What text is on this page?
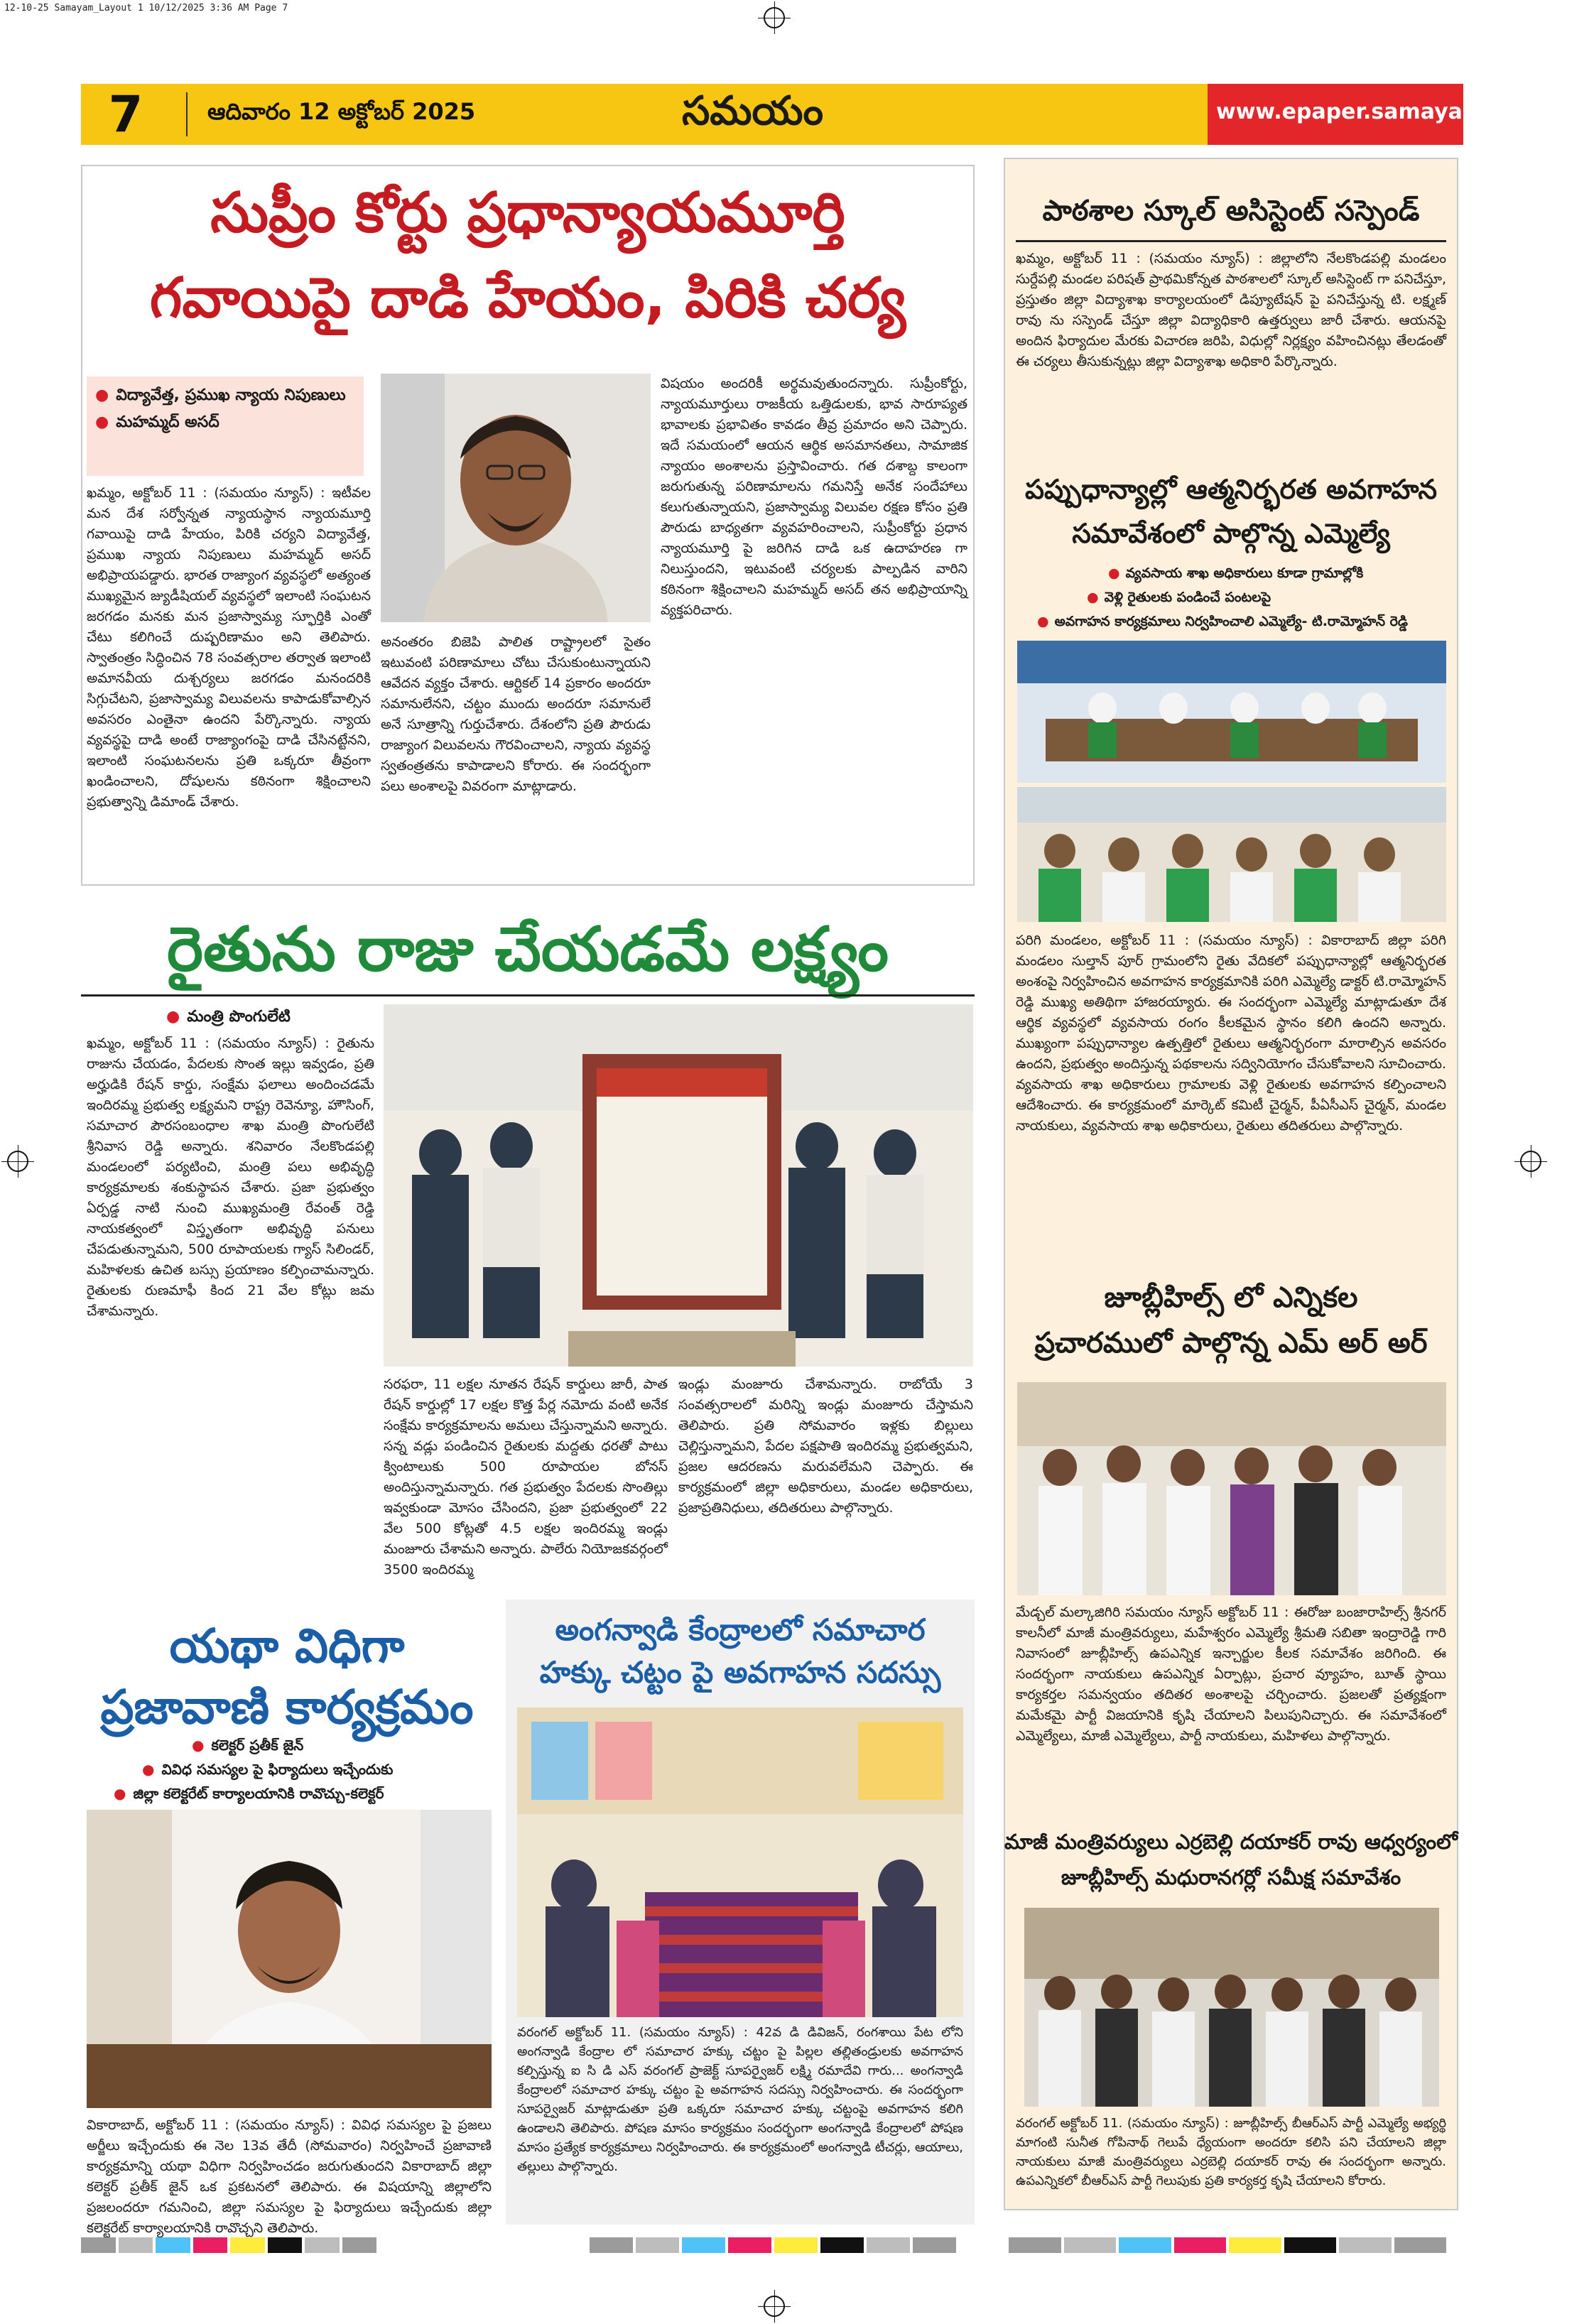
12-10-25 Samayam_Layout 1 10/12/2025 3:36 AM Page 7
7	ఆదివారం 12 అక్టోబర్ 2025	సమయం	www.epaper.samayamdaily.net
సుప్రీం కోర్టు ప్రధాన్యాయమూర్తి
గవాయిపై దాడి హేయం, పిరికి చర్య
● విద్యావేత్త, ప్రముఖ న్యాయ నిపుణులు
● మహమ్మద్ అసద్
ఖమ్మం, అక్టోబర్ 11 : (సమయం న్యూస్) : ఇటీవల మన దేశ సర్వోన్నత న్యాయస్థాన న్యాయమూర్తి గవాయిపై దాడి హేయం, పిరికి చర్యని విద్యావేత్త, ప్రముఖ న్యాయ నిపుణులు మహమ్మద్ అసద్ అభిప్రాయపడ్డారు. భారత రాజ్యాంగ వ్యవస్థలో అత్యంత ముఖ్యమైన జ్యుడీషియల్ వ్యవస్థలో ఇలాంటి సంఘటన జరగడం మనకు మన ప్రజాస్వామ్య స్ఫూర్తికి ఎంతో చేటు కలిగించే దుష్పరిణామం అని తెలిపారు. స్వాతంత్రం సిద్ధించిన 78 సంవత్సరాల తర్వాత ఇలాంటి అమానవీయ దుశ్చర్యలు జరగడం మనందరికి సిగ్గుచేటని, ప్రజాస్వామ్య విలువలను కాపాడుకోవాల్సిన అవసరం ఎంతైనా ఉందని పేర్కొన్నారు. న్యాయ వ్యవస్థపై దాడి అంటే రాజ్యాంగంపై దాడి చేసినట్టేనని, ఇలాంటి సంఘటనలను ప్రతి ఒక్కరూ తీవ్రంగా ఖండించాలని, దోషులను కఠినంగా శిక్షించాలని ప్రభుత్వాన్ని డిమాండ్ చేశారు.
అనంతరం బిజెపి పాలిత రాష్ట్రాలలో సైతం ఇటువంటి పరిణామాలు చోటు చేసుకుంటున్నాయని ఆవేదన వ్యక్తం చేశారు. ఆర్టికల్ 14 ప్రకారం అందరూ సమానులేనని, చట్టం ముందు అందరూ సమానులే అనే సూత్రాన్ని గుర్తుచేశారు. దేశంలోని ప్రతి పౌరుడు రాజ్యాంగ విలువలను గౌరవించాలని, న్యాయ వ్యవస్థ స్వతంత్రతను కాపాడాలని కోరారు. ఈ సందర్భంగా పలు అంశాలపై వివరంగా మాట్లాడారు.
విషయం అందరికీ అర్థమవుతుందన్నారు. సుప్రీంకోర్టు, న్యాయమూర్తులు రాజకీయ ఒత్తిడులకు, భావ సారూప్యత భావాలకు ప్రభావితం కావడం తీవ్ర ప్రమాదం అని చెప్పారు. ఇదే సమయంలో ఆయన ఆర్థిక అసమానతలు, సామాజిక న్యాయం అంశాలను ప్రస్తావించారు. గత దశాబ్ద కాలంగా జరుగుతున్న పరిణామాలను గమనిస్తే అనేక సందేహాలు కలుగుతున్నాయని, ప్రజాస్వామ్య విలువల రక్షణ కోసం ప్రతి పౌరుడు బాధ్యతగా వ్యవహరించాలని, సుప్రీంకోర్టు ప్రధాన న్యాయమూర్తి పై జరిగిన దాడి ఒక ఉదాహరణ గా నిలుస్తుందని, ఇటువంటి చర్యలకు పాల్పడిన వారిని కఠినంగా శిక్షించాలని మహమ్మద్ అసద్ తన అభిప్రాయాన్ని వ్యక్తపరిచారు.
రైతును రాజు చేయడమే లక్ష్యం
● మంత్రి పొంగులేటి
ఖమ్మం, అక్టోబర్ 11 : (సమయం న్యూస్) : రైతును రాజును చేయడం, పేదలకు సొంత ఇల్లు ఇవ్వడం, ప్రతి అర్హుడికి రేషన్ కార్డు, సంక్షేమ ఫలాలు అందించడమే ఇందిరమ్మ ప్రభుత్వ లక్ష్యమని రాష్ట్ర రెవెన్యూ, హౌసింగ్, సమాచార పౌరసంబంధాల శాఖ మంత్రి పొంగులేటి శ్రీనివాస రెడ్డి అన్నారు. శనివారం నేలకొండపల్లి మండలంలో పర్యటించి, మంత్రి పలు అభివృద్ధి కార్యక్రమాలకు శంకుస్థాపన చేశారు. ప్రజా ప్రభుత్వం ఏర్పడ్డ నాటి నుంచి ముఖ్యమంత్రి రేవంత్ రెడ్డి నాయకత్వంలో విస్తృతంగా అభివృద్ధి పనులు చేపడుతున్నామని, 500 రూపాయలకు గ్యాస్ సిలిండర్, మహిళలకు ఉచిత బస్సు ప్రయాణం కల్పించామన్నారు. రైతులకు రుణమాఫీ కింద 21 వేల కోట్లు జమ చేశామన్నారు.
సరఫరా, 11 లక్షల నూతన రేషన్ కార్డులు జారీ, పాత రేషన్ కార్డుల్లో 17 లక్షల కొత్త పేర్ల నమోదు వంటి అనేక సంక్షేమ కార్యక్రమాలను అమలు చేస్తున్నామని అన్నారు. సన్న వడ్లు పండించిన రైతులకు మద్దతు ధరతో పాటు క్వింటాలుకు 500 రూపాయల బోనస్ అందిస్తున్నామన్నారు. గత ప్రభుత్వం పేదలకు సొంతిల్లు ఇవ్వకుండా మోసం చేసిందని, ప్రజా ప్రభుత్వంలో 22 వేల 500 కోట్లతో 4.5 లక్షల ఇందిరమ్మ ఇండ్లు మంజూరు చేశామని అన్నారు. పాలేరు నియోజకవర్గంలో 3500 ఇందిరమ్మ
ఇండ్లు మంజూరు చేశామన్నారు. రాబోయే 3 సంవత్సరాలలో మరిన్ని ఇండ్లు మంజూరు చేస్తామని తెలిపారు. ప్రతి సోమవారం ఇళ్లకు బిల్లులు చెల్లిస్తున్నామని, పేదల పక్షపాతి ఇందిరమ్మ ప్రభుత్వమని, ప్రజల ఆదరణను మరువలేమని చెప్పారు. ఈ కార్యక్రమంలో జిల్లా అధికారులు, మండల అధికారులు, ప్రజాప్రతినిధులు, తదితరులు పాల్గొన్నారు.
యథా విధిగా
ప్రజావాణి కార్యక్రమం
● కలెక్టర్ ప్రతీక్ జైన్
● వివిధ సమస్యల పై ఫిర్యాదులు ఇచ్చేందుకు
● జిల్లా కలెక్టరేట్ కార్యాలయానికి రావొచ్చు-కలెక్టర్
వికారాబాద్, అక్టోబర్ 11 : (సమయం న్యూస్) : వివిధ సమస్యల పై ప్రజలు అర్జీలు ఇచ్చేందుకు ఈ నెల 13వ తేదీ (సోమవారం) నిర్వహించే ప్రజావాణి కార్యక్రమాన్ని యథా విధిగా నిర్వహించడం జరుగుతుందని వికారాబాద్ జిల్లా కలెక్టర్ ప్రతీక్ జైన్ ఒక ప్రకటనలో తెలిపారు. ఈ విషయాన్ని జిల్లాలోని ప్రజలందరూ గమనించి, జిల్లా సమస్యల పై ఫిర్యాదులు ఇచ్చేందుకు జిల్లా కలెక్టరేట్ కార్యాలయానికి రావొచ్చని తెలిపారు.
అంగన్వాడి కేంద్రాలలో సమాచార
హక్కు చట్టం పై అవగాహన సదస్సు
వరంగల్ అక్టోబర్ 11. (సమయం న్యూస్) : 42వ డి డివిజన్, రంగశాయి పేట లోని అంగన్వాడి కేంద్రాల లో సమాచార హక్కు చట్టం పై పిల్లల తల్లితండ్రులకు అవగాహన కల్పిస్తున్న ఐ సి డి ఎస్ వరంగల్ ప్రాజెక్ట్ సూపర్వైజర్ లక్ష్మి రమాదేవి గారు... అంగన్వాడి కేంద్రాలలో సమాచార హక్కు చట్టం పై అవగాహన సదస్సు నిర్వహించారు. ఈ సందర్భంగా సూపర్వైజర్ మాట్లాడుతూ ప్రతి ఒక్కరూ సమాచార హక్కు చట్టంపై అవగాహన కలిగి ఉండాలని తెలిపారు. పోషణ మాసం కార్యక్రమం సందర్భంగా అంగన్వాడి కేంద్రాలలో పోషణ మాసం ప్రత్యేక కార్యక్రమాలు నిర్వహించారు. ఈ కార్యక్రమంలో అంగన్వాడి టీచర్లు, ఆయాలు, తల్లులు పాల్గొన్నారు.
పాఠశాల స్కూల్ అసిస్టెంట్ సస్పెండ్
ఖమ్మం, అక్టోబర్ 11 : (సమయం న్యూస్) : జిల్లాలోని నేలకొండపల్లి మండలం సుర్దేపల్లి మండల పరిషత్ ప్రాథమికోన్నత పాఠశాలలో స్కూల్ అసిస్టెంట్ గా పనిచేస్తూ, ప్రస్తుతం జిల్లా విద్యాశాఖ కార్యాలయంలో డిప్యూటేషన్ పై పనిచేస్తున్న టి. లక్ష్మణ్ రావు ను సస్పెండ్ చేస్తూ జిల్లా విద్యాధికారి ఉత్తర్వులు జారీ చేశారు. ఆయనపై అందిన ఫిర్యాదుల మేరకు విచారణ జరిపి, విధుల్లో నిర్లక్ష్యం వహించినట్లు తేలడంతో ఈ చర్యలు తీసుకున్నట్లు జిల్లా విద్యాశాఖ అధికారి పేర్కొన్నారు.
పప్పుధాన్యాల్లో ఆత్మనిర్భరత అవగాహన
సమావేశంలో పాల్గొన్న ఎమ్మెల్యే
● వ్యవసాయ శాఖ అధికారులు కూడా గ్రామాల్లోకి
● వెళ్లి రైతులకు పండించే పంటలపై
● అవగాహన కార్యక్రమాలు నిర్వహించాలి ఎమ్మెల్యే- టి.రామ్మోహన్ రెడ్డి
పరిగి మండలం, అక్టోబర్ 11 : (సమయం న్యూస్) : వికారాబాద్ జిల్లా పరిగి మండలం సుల్తాన్ పూర్ గ్రామంలోని రైతు వేదికలో పప్పుధాన్యాల్లో ఆత్మనిర్భరత అంశంపై నిర్వహించిన అవగాహన కార్యక్రమానికి పరిగి ఎమ్మెల్యే డాక్టర్ టి.రామ్మోహన్ రెడ్డి ముఖ్య అతిథిగా హాజరయ్యారు. ఈ సందర్భంగా ఎమ్మెల్యే మాట్లాడుతూ దేశ ఆర్థిక వ్యవస్థలో వ్యవసాయ రంగం కీలకమైన స్థానం కలిగి ఉందని అన్నారు. ముఖ్యంగా పప్పుధాన్యాల ఉత్పత్తిలో రైతులు ఆత్మనిర్భరంగా మారాల్సిన అవసరం ఉందని, ప్రభుత్వం అందిస్తున్న పథకాలను సద్వినియోగం చేసుకోవాలని సూచించారు. వ్యవసాయ శాఖ అధికారులు గ్రామాలకు వెళ్లి రైతులకు అవగాహన కల్పించాలని ఆదేశించారు. ఈ కార్యక్రమంలో మార్కెట్ కమిటీ చైర్మన్, పీఏసీఎస్ చైర్మన్, మండల నాయకులు, వ్యవసాయ శాఖ అధికారులు, రైతులు తదితరులు పాల్గొన్నారు.
జూబ్లీహిల్స్ లో ఎన్నికల
ప్రచారములో పాల్గొన్న ఎమ్ అర్ అర్
మేడ్చల్ మల్కాజిగిరి సమయం న్యూస్ అక్టోబర్ 11 : ఈరోజు బంజారాహిల్స్ శ్రీనగర్ కాలనీలో మాజీ మంత్రివర్యులు, మహేశ్వరం ఎమ్మెల్యే శ్రీమతి సబితా ఇంద్రారెడ్డి గారి నివాసంలో జూబ్లీహిల్స్ ఉపఎన్నిక ఇన్చార్జుల కీలక సమావేశం జరిగింది. ఈ సందర్భంగా నాయకులు ఉపఎన్నిక ఏర్పాట్లు, ప్రచార వ్యూహం, బూత్ స్థాయి కార్యకర్తల సమన్వయం తదితర అంశాలపై చర్చించారు. ప్రజలతో ప్రత్యక్షంగా మమేకమై పార్టీ విజయానికి కృషి చేయాలని పిలుపునిచ్చారు. ఈ సమావేశంలో ఎమ్మెల్యేలు, మాజీ ఎమ్మెల్యేలు, పార్టీ నాయకులు, మహిళలు పాల్గొన్నారు.
మాజీ మంత్రివర్యులు ఎర్రబెల్లి దయాకర్ రావు ఆధ్వర్యంలో
జూబ్లీహిల్స్ మధురానగర్లో సమీక్ష సమావేశం
వరంగల్ అక్టోబర్ 11. (సమయం న్యూస్) : జూబ్లీహిల్స్ బీఆర్ఎస్ పార్టీ ఎమ్మెల్యే అభ్యర్థి మాగంటి సునీత గోపినాథ్ గెలుపే ధ్యేయంగా అందరూ కలిసి పని చేయాలని జిల్లా నాయకులు మాజీ మంత్రివర్యులు ఎర్రబెల్లి దయాకర్ రావు ఈ సందర్భంగా అన్నారు. ఉపఎన్నికలో బీఆర్ఎస్ పార్టీ గెలుపుకు ప్రతి కార్యకర్త కృషి చేయాలని కోరారు.
